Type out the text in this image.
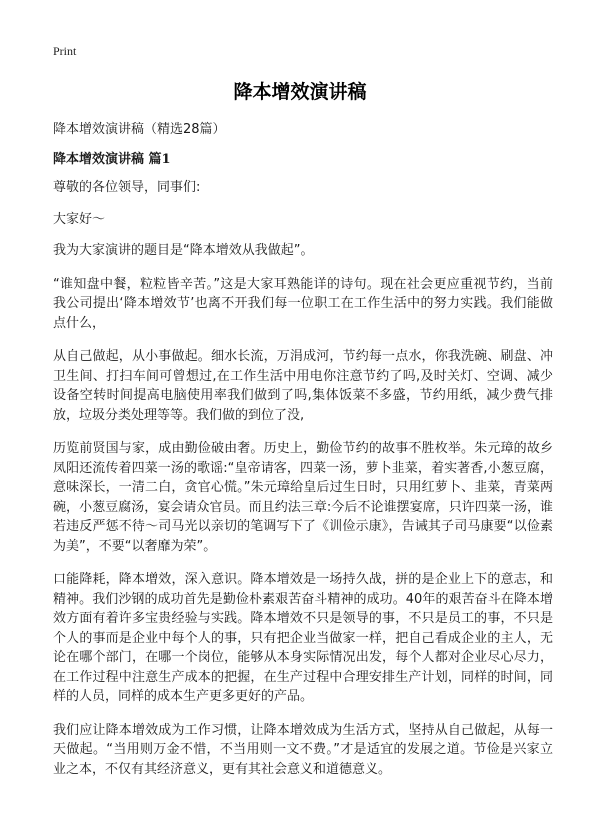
Print
降本增效演讲稿

降本增效演讲稿（精选28篇）

降本增效演讲稿 篇1

尊敬的各位领导，同事们:

大家好～

我为大家演讲的题目是“降本增效从我做起”。

“谁知盘中餐，粒粒皆辛苦。”这是大家耳熟能详的诗句。现在社会更应重视节约，当前我公司提出‘降本增效节’也离不开我们每一位职工在工作生活中的努力实践。我们能做点什么，

从自己做起，从小事做起。细水长流，万涓成河，节约每一点水，你我洗碗、刷盘、冲卫生间、打扫车间可曾想过,在工作生活中用电你注意节约了吗,及时关灯、空调、减少设备空转时间提高电脑使用率我们做到了吗,集体饭菜不多盛，节约用纸，减少费气排放，垃圾分类处理等等。我们做的到位了没,

历览前贤国与家，成由勤俭破由奢。历史上，勤俭节约的故事不胜枚举。朱元璋的故乡凤阳还流传着四菜一汤的歌谣:“皇帝请客，四菜一汤，萝卜韭菜，着实著香,小葱豆腐，意味深长，一清二白，贪官心慌。”朱元璋给皇后过生日时，只用红萝卜、韭菜，青菜两碗，小葱豆腐汤，宴会请众官员。而且约法三章:今后不论谁摆宴席，只许四菜一汤，谁若违反严惩不待～司马光以亲切的笔调写下了《训俭示康》，告诫其子司马康要“以俭素为美”，不要“以奢靡为荣”。

口能降耗，降本增效，深入意识。降本增效是一场持久战，拼的是企业上下的意志，和精神。我们沙钢的成功首先是勤俭朴素艰苦奋斗精神的成功。40年的艰苦奋斗在降本增效方面有着许多宝贵经验与实践。降本增效不只是领导的事，不只是员工的事，不只是个人的事而是企业中每个人的事，只有把企业当做家一样，把自己看成企业的主人，无论在哪个部门，在哪一个岗位，能够从本身实际情况出发，每个人都对企业尽心尽力，在工作过程中注意生产成本的把握，在生产过程中合理安排生产计划，同样的时间，同样的人员，同样的成本生产更多更好的产品。

我们应让降本增效成为工作习惯，让降本增效成为生活方式，坚持从自己做起，从每一天做起。“当用则万金不惜，不当用则一文不费。”才是适宜的发展之道。节俭是兴家立业之本，不仅有其经济意义，更有其社会意义和道德意义。
